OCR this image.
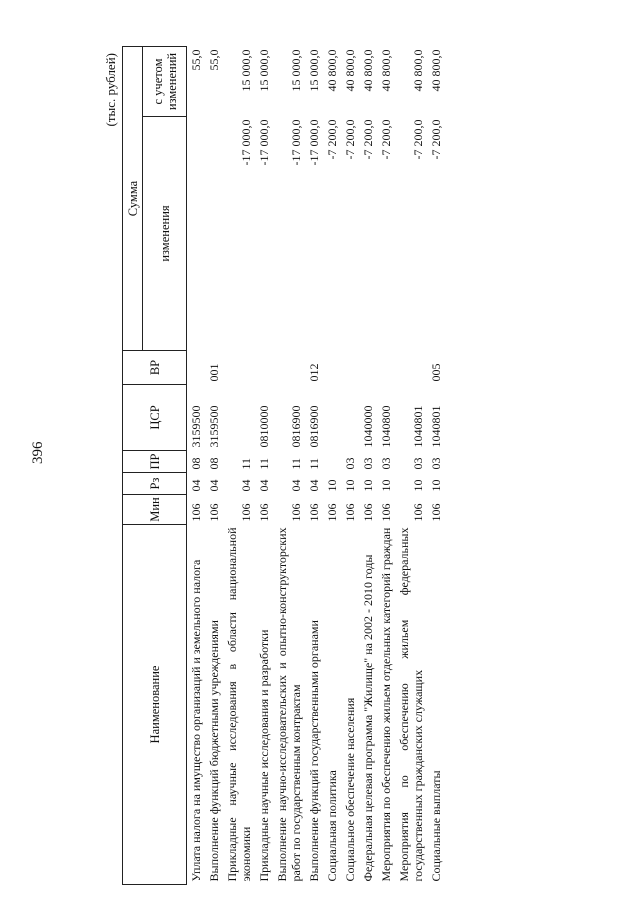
396
(тыс. рублей)
Наименование	Мин	Рз	ПР	ЦСР	ВР	Сумма	
						изменения	с учетом изменений
Уплата налога на имущество организаций и земельного налога	106	04	08	3159500			55,0
Выполнение функций бюджетными учреждениями	106	04	08	3159500	001		55,0
Прикладные научные исследования в области национальной экономики	106	04	11			-17 000,0	15 000,0
Прикладные научные исследования и разработки	106	04	11	0810000		-17 000,0	15 000,0
Выполнение научно-исследовательских и опытно-конструкторских работ по государственным контрактам	106	04	11	0816900		-17 000,0	15 000,0
Выполнение функций государственными органами	106	04	11	0816900	012	-17 000,0	15 000,0
Социальная политика	106	10				-7 200,0	40 800,0
Социальное обеспечение населения	106	10	03			-7 200,0	40 800,0
Федеральная целевая программа "Жилище" на 2002 - 2010 годы	106	10	03	1040000		-7 200,0	40 800,0
Мероприятия по обеспечению жильем отдельных категорий граждан	106	10	03	1040800		-7 200,0	40 800,0
Мероприятия по обеспечению жильем федеральных государственных гражданских служащих	106	10	03	1040801		-7 200,0	40 800,0
Социальные выплаты	106	10	03	1040801	005	-7 200,0	40 800,0
